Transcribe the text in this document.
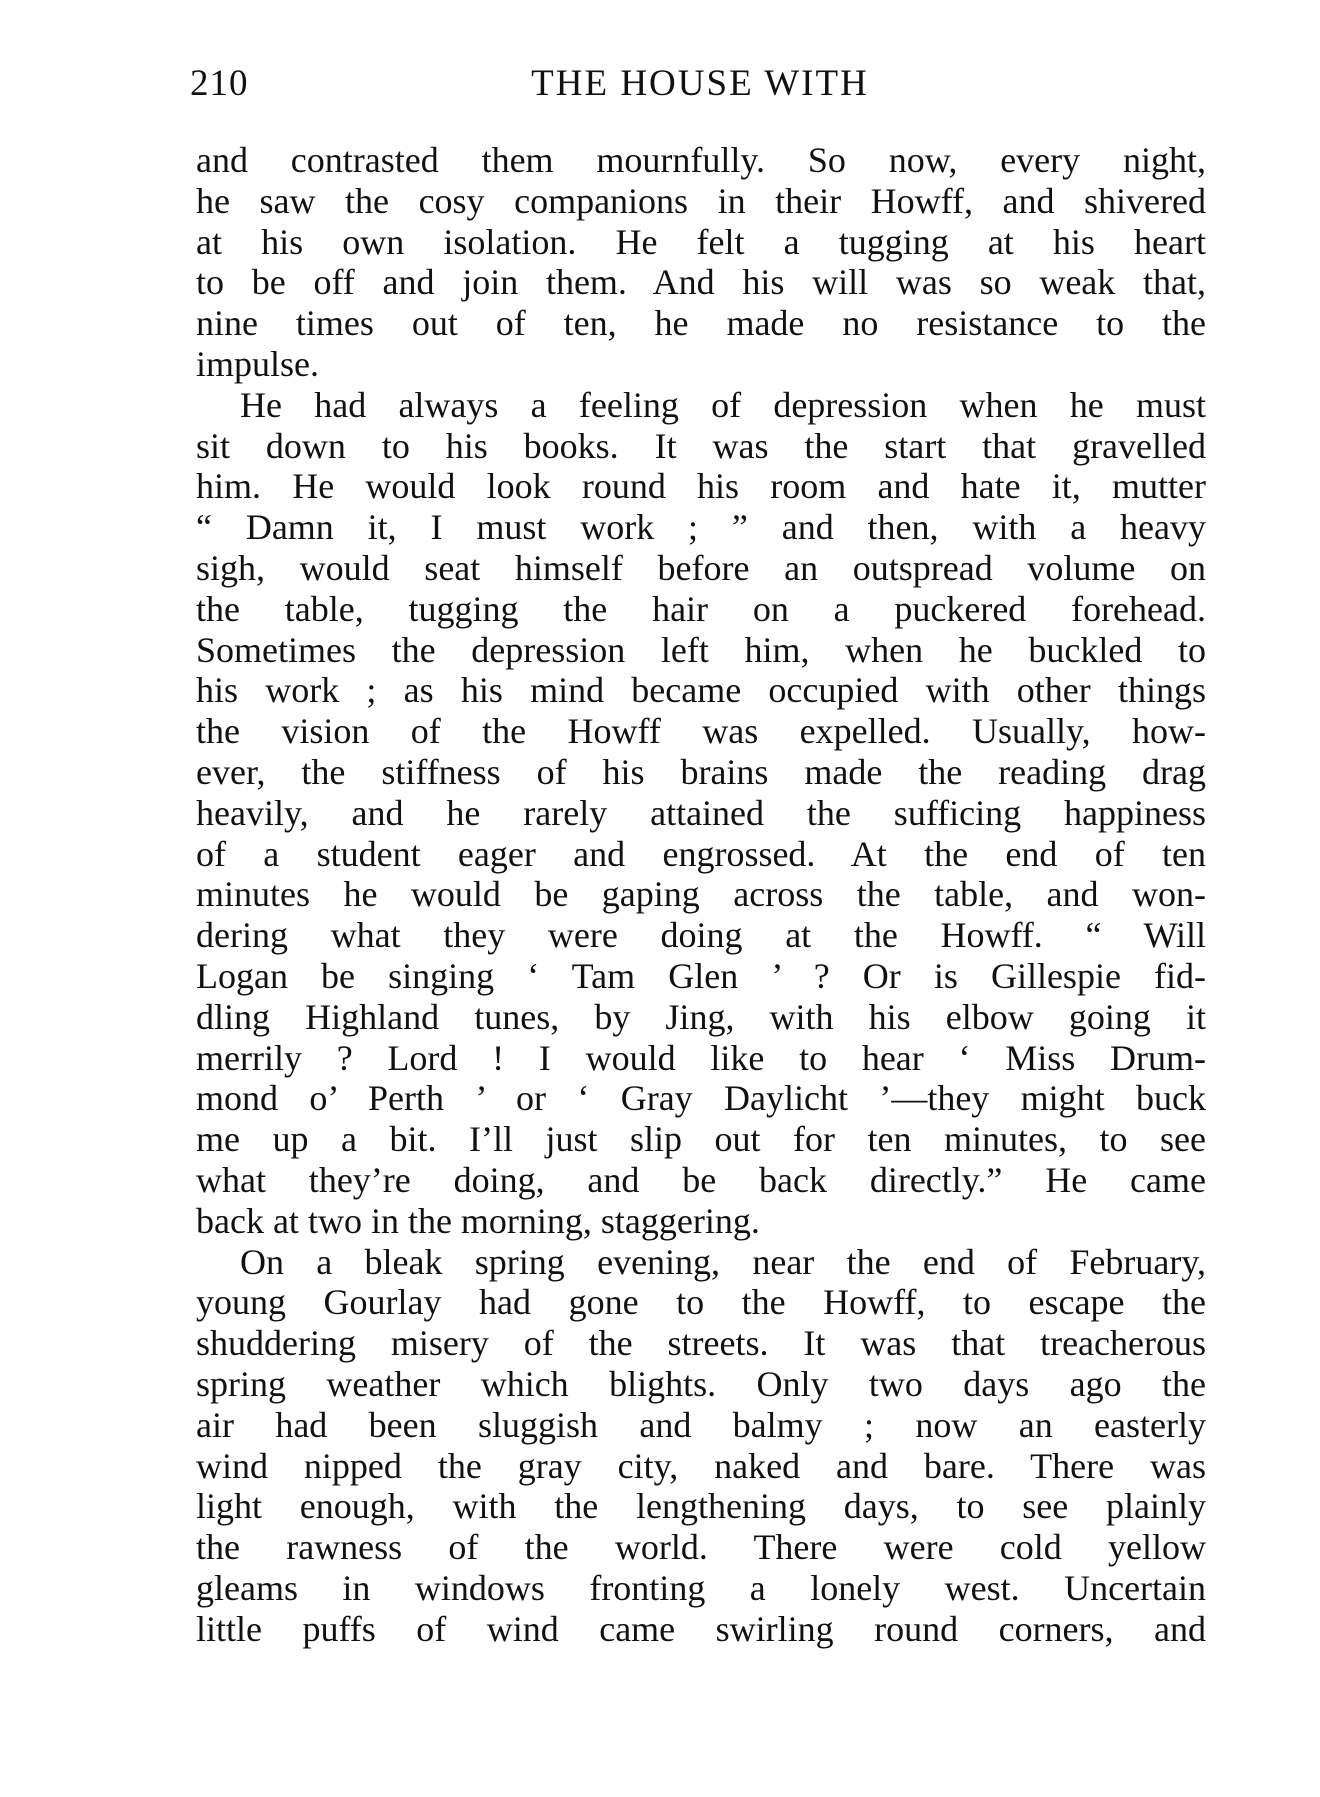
210	THE HOUSE WITH
and contrasted them mournfully. So now, every night,
he saw the cosy companions in their Howff, and shivered
at his own isolation. He felt a tugging at his heart
to be off and join them. And his will was so weak that,
nine times out of ten, he made no resistance to the
impulse.
He had always a feeling of depression when he must
sit down to his books. It was the start that gravelled
him. He would look round his room and hate it, mutter
“ Damn it, I must work ; ” and then, with a heavy
sigh, would seat himself before an outspread volume on
the table, tugging the hair on a puckered forehead.
Sometimes the depression left him, when he buckled to
his work ; as his mind became occupied with other things
the vision of the Howff was expelled. Usually, how-
ever, the stiffness of his brains made the reading drag
heavily, and he rarely attained the sufficing happiness
of a student eager and engrossed. At the end of ten
minutes he would be gaping across the table, and won-
dering what they were doing at the Howff. “ Will
Logan be singing ‘ Tam Glen ’ ? Or is Gillespie fid-
dling Highland tunes, by Jing, with his elbow going it
merrily ? Lord ! I would like to hear ‘ Miss Drum-
mond o’ Perth ’ or ‘ Gray Daylicht ’—they might buck
me up a bit. I’ll just slip out for ten minutes, to see
what they’re doing, and be back directly.” He came
back at two in the morning, staggering.
On a bleak spring evening, near the end of February,
young Gourlay had gone to the Howff, to escape the
shuddering misery of the streets. It was that treacherous
spring weather which blights. Only two days ago the
air had been sluggish and balmy ; now an easterly
wind nipped the gray city, naked and bare. There was
light enough, with the lengthening days, to see plainly
the rawness of the world. There were cold yellow
gleams in windows fronting a lonely west. Uncertain
little puffs of wind came swirling round corners, and
